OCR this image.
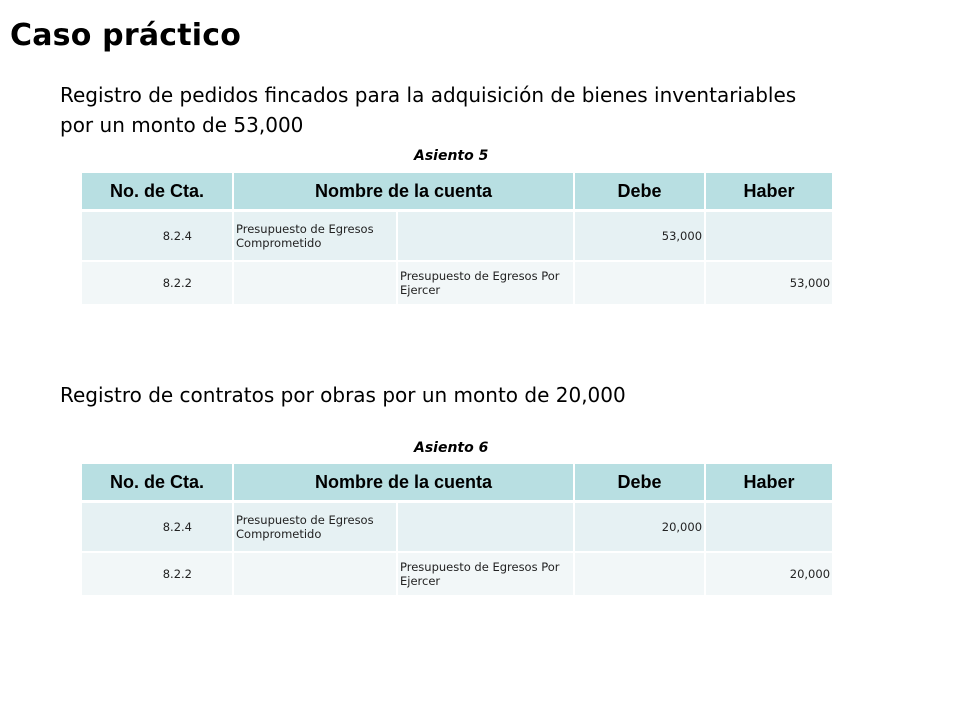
Caso práctico
Registro de pedidos fincados para la adquisición de bienes inventariables por un monto de 53,000
Asiento 5
No. de Cta.	Nombre de la cuenta		Debe	Haber
8.2.4	Presupuesto de Egresos Comprometido		53,000	
8.2.2		Presupuesto de Egresos Por Ejercer		53,000
Registro de contratos por obras por un monto de 20,000
Asiento 6
No. de Cta.	Nombre de la cuenta		Debe	Haber
8.2.4	Presupuesto de Egresos Comprometido		20,000	
8.2.2		Presupuesto de Egresos Por Ejercer		20,000
